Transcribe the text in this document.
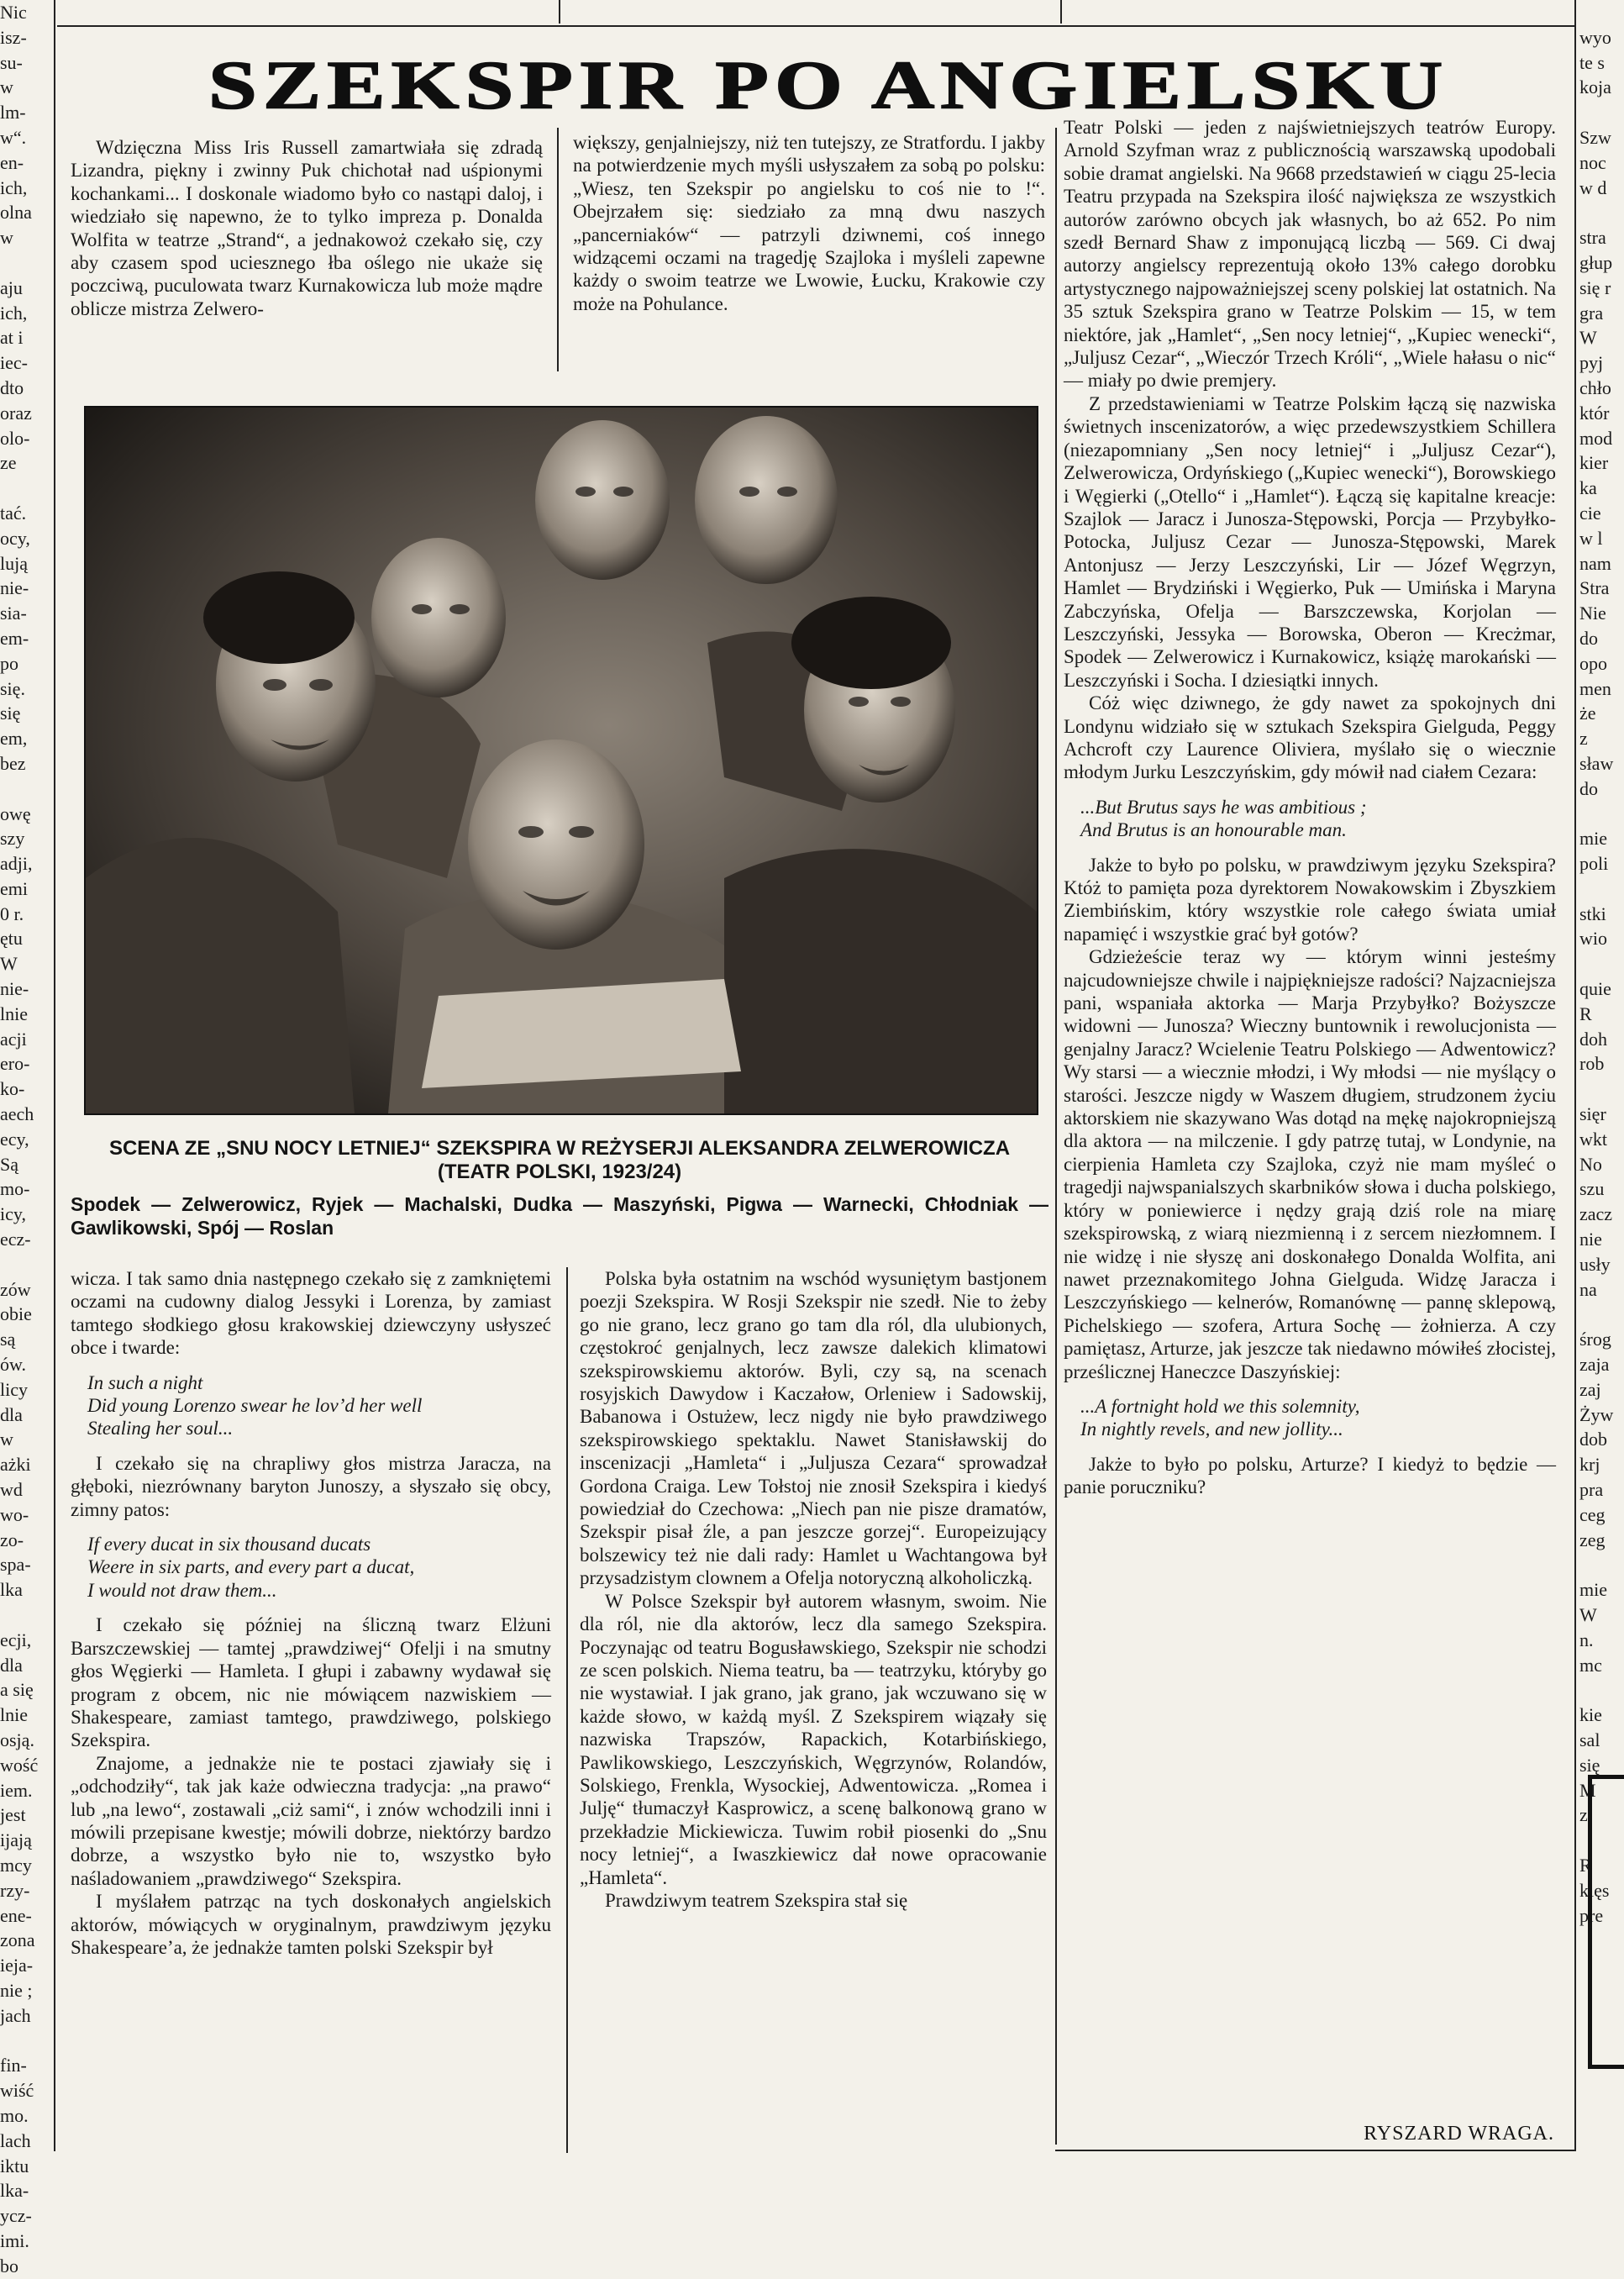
Nic
isz-
su-
w
lm-
w“.
en-
ich,
olna
w

aju
ich,
at i
iec-
dto
oraz
olo-
ze

tać.
ocy,
lują
nie-
sia-
em-
po
się.
się
em,
bez

owę
szy
adji,
emi
0 r.
ętu
W
nie-
lnie
acji
ero-
ko-
aech
ecy,
Są
mo-
icy,
ecz-

zów
obie
są
ów.
licy
dla
w
ażki
wd
wo-
zo-
spa-
lka

ecji,
dla
a się
lnie
osją.
wość
iem.
jest
ijają
mcy
rzy-
ene-
zona
ieja-
nie ;
jach

fin-
wiść
mo.
lach
iktu
lka-
ycz-
imi.
bo

wyo
te s
koja

Szw
noc
w d

stra
głup
się r
gra
W
pyj
chło
któr
mod
kier
ka
cie
w l
nam
Stra
Nie
do
opo
men
że
z
sław
do

mie
poli

stki
wio

quie
R
doh
rob

sięr
wkt
No
szu
zacz
nie
usły
na

śrog
zaja
zaj
Żyw
dob
krj
pra
ceg
zeg

mie
W
n.
mc

kie
sal
się
M
z

R
klęs
pre
SZEKSPIR PO ANGIELSKU

Wdzięczna Miss Iris Russell zamartwiała się zdradą Lizandra, piękny i zwinny Puk chichotał nad uśpionymi kochankami... I doskonale wiadomo było co nastąpi daloj, i wiedziało się napewno, że to tylko impreza p. Donalda Wolfita w teatrze „Strand“, a jednakowoż czekało się, czy aby czasem spod uciesznego łba oślego nie ukaże się poczciwą, puculowata twarz Kurnakowicza lub może mądre oblicze mistrza Zelwero-

większy, genjalniejszy, niż ten tutejszy, ze Stratfordu. I jakby na potwierdzenie mych myśli usłyszałem za sobą po polsku: „Wiesz, ten Szekspir po angielsku to coś nie to !“. Obejrzałem się: siedziało za mną dwu naszych „pancerniaków“ — patrzyli dziwnemi, coś innego widzącemi oczami na tragedję Szajloka i myśleli zapewne każdy o swoim teatrze we Lwowie, Łucku, Krakowie czy może na Pohulance.

SCENA ZE „SNU NOCY LETNIEJ“ SZEKSPIRA W REŻYSERJI ALEKSANDRA ZELWEROWICZA (TEATR POLSKI, 1923/24)
Spodek — Zelwerowicz, Ryjek — Machalski, Dudka — Maszyński, Pigwa — Warnecki, Chłodniak — Gawlikowski, Spój — Roslan

wicza. I tak samo dnia następnego czekało się z zamkniętemi oczami na cudowny dialog Jessyki i Lorenza, by zamiast tamtego słodkiego głosu krakowskiej dziewczyny usłyszeć obce i twarde:

In such a night
Did young Lorenzo swear he lov’d her well
Stealing her soul...

I czekało się na chrapliwy głos mistrza Jaracza, na głęboki, niezrównany baryton Junoszy, a słyszało się obcy, zimny patos:

If every ducat in six thousand ducats
Weere in six parts, and every part a ducat,
I would not draw them...

I czekało się później na śliczną twarz Elżuni Barszczewskiej — tamtej „prawdziwej“ Ofelji i na smutny głos Węgierki — Hamleta. I głupi i zabawny wydawał się program z obcem, nic nie mówiącem nazwiskiem — Shakespeare, zamiast tamtego, prawdziwego, polskiego Szekspira.

Znajome, a jednakże nie te postaci zjawiały się i „odchodziły“, tak jak każe odwieczna tradycja: „na prawo“ lub „na lewo“, zostawali „ciż sami“, i znów wchodzili inni i mówili przepisane kwestje; mówili dobrze, niektórzy bardzo dobrze, a wszystko było nie to, wszystko było naśladowaniem „prawdziwego“ Szekspira.

I myślałem patrząc na tych doskonałych angielskich aktorów, mówiących w oryginalnym, prawdziwym języku Shakespeare’a, że jednakże tamten polski Szekspir był

Polska była ostatnim na wschód wysuniętym bastjonem poezji Szekspira. W Rosji Szekspir nie szedł. Nie to żeby go nie grano, lecz grano go tam dla ról, dla ulubionych, częstokroć genjalnych, lecz zawsze dalekich klimatowi szekspirowskiemu aktorów. Byli, czy są, na scenach rosyjskich Dawydow i Kaczałow, Orleniew i Sadowskij, Babanowa i Ostużew, lecz nigdy nie było prawdziwego szekspirowskiego spektaklu. Nawet Stanisławskij do inscenizacji „Hamleta“ i „Juljusza Cezara“ sprowadzał Gordona Craiga. Lew Tołstoj nie znosił Szekspira i kiedyś powiedział do Czechowa: „Niech pan nie pisze dramatów, Szekspir pisał źle, a pan jeszcze gorzej“. Europeizujący bolszewicy też nie dali rady: Hamlet u Wachtangowa był przysadzistym clownem a Ofelja notoryczną alkoholiczką.

W Polsce Szekspir był autorem własnym, swoim. Nie dla ról, nie dla aktorów, lecz dla samego Szekspira. Poczynając od teatru Bogusławskiego, Szekspir nie schodzi ze scen polskich. Niema teatru, ba — teatrzyku, któryby go nie wystawiał. I jak grano, jak grano, jak wczuwano się w każde słowo, w każdą myśl. Z Szekspirem wiązały się nazwiska Trapszów, Rapackich, Kotarbińskiego, Pawlikowskiego, Leszczyńskich, Węgrzynów, Rolandów, Solskiego, Frenkla, Wysockiej, Adwentowicza. „Romea i Julję“ tłumaczył Kasprowicz, a scenę balkonową grano w przekładzie Mickiewicza. Tuwim robił piosenki do „Snu nocy letniej“, a Iwaszkiewicz dał nowe opracowanie „Hamleta“.

Prawdziwym teatrem Szekspira stał się

Teatr Polski — jeden z najświetniejszych teatrów Europy. Arnold Szyfman wraz z publicznością warszawską upodobali sobie dramat angielski. Na 9668 przedstawień w ciągu 25-lecia Teatru przypada na Szekspira ilość największa ze wszystkich autorów zarówno obcych jak własnych, bo aż 652. Po nim szedł Bernard Shaw z imponującą liczbą — 569. Ci dwaj autorzy angielscy reprezentują około 13% całego dorobku artystycznego najpoważniejszej sceny polskiej lat ostatnich. Na 35 sztuk Szekspira grano w Teatrze Polskim — 15, w tem niektóre, jak „Hamlet“, „Sen nocy letniej“, „Kupiec wenecki“, „Juljusz Cezar“, „Wieczór Trzech Króli“, „Wiele hałasu o nic“ — miały po dwie premjery.

Z przedstawieniami w Teatrze Polskim łączą się nazwiska świetnych inscenizatorów, a więc przedewszystkiem Schillera (niezapomniany „Sen nocy letniej“ i „Juljusz Cezar“), Zelwerowicza, Ordyńskiego („Kupiec wenecki“), Borowskiego i Węgierki („Otello“ i „Hamlet“). Łączą się kapitalne kreacje: Szajlok — Jaracz i Junosza-Stępowski, Porcja — Przybyłko-Potocka, Juljusz Cezar — Junosza-Stępowski, Marek Antonjusz — Jerzy Leszczyński, Lir — Józef Węgrzyn, Hamlet — Brydziński i Węgierko, Puk — Umińska i Maryna Zabczyńska, Ofelja — Barszczewska, Korjolan — Leszczyński, Jessyka — Borowska, Oberon — Krecżmar, Spodek — Zelwerowicz i Kurnakowicz, książę marokański — Leszczyński i Socha. I dziesiątki innych.

Cóż więc dziwnego, że gdy nawet za spokojnych dni Londynu widziało się w sztukach Szekspira Gielguda, Peggy Achcroft czy Laurence Oliviera, myślało się o wiecznie młodym Jurku Leszczyńskim, gdy mówił nad ciałem Cezara:

...But Brutus says he was ambitious ;
And Brutus is an honourable man.

Jakże to było po polsku, w prawdziwym języku Szekspira? Któż to pamięta poza dyrektorem Nowakowskim i Zbyszkiem Ziembińskim, który wszystkie role całego świata umiał napamięć i wszystkie grać był gotów?

Gdzieżeście teraz wy — którym winni jesteśmy najcudowniejsze chwile i najpiękniejsze radości? Najzacniejsza pani, wspaniała aktorka — Marja Przybyłko? Bożyszcze widowni — Junosza? Wieczny buntownik i rewolucjonista — genjalny Jaracz? Wcielenie Teatru Polskiego — Adwentowicz? Wy starsi — a wiecznie młodzi, i Wy młodsi — nie myślący o starości. Jeszcze nigdy w Waszem długiem, strudzonem życiu aktorskiem nie skazywano Was dotąd na mękę najokropniejszą dla aktora — na milczenie. I gdy patrzę tutaj, w Londynie, na cierpienia Hamleta czy Szajloka, czyż nie mam myśleć o tragedji najwspanialszych skarbników słowa i ducha polskiego, który w poniewierce i nędzy grają dziś role na miarę szekspirowską, z wiarą niezmienną i z sercem niezłomnem. I nie widzę i nie słyszę ani doskonałego Donalda Wolfita, ani nawet przeznakomitego Johna Gielguda. Widzę Jaracza i Leszczyńskiego — kelnerów, Romanównę — pannę sklepową, Pichelskiego — szofera, Artura Sochę — żołnierza. A czy pamiętasz, Arturze, jak jeszcze tak niedawno mówiłeś złocistej, prześlicznej Haneczce Daszyńskiej:

...A fortnight hold we this solemnity,
In nightly revels, and new jollity...

Jakże to było po polsku, Arturze? I kiedyż to będzie — panie poruczniku?

RYSZARD WRAGA.
